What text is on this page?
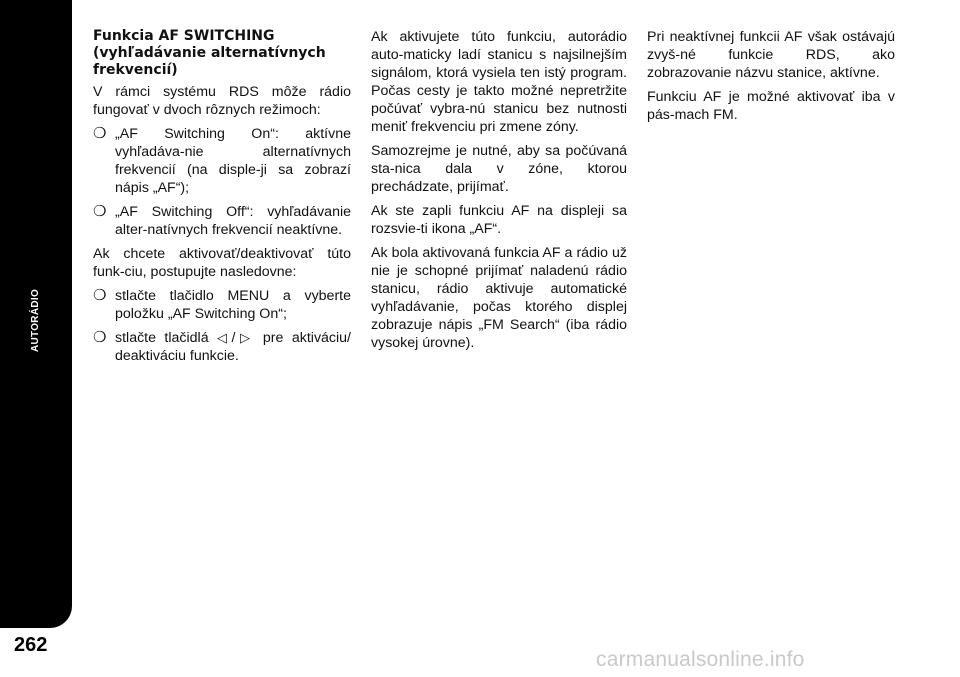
AUTORÁDIO
262
Funkcia AF SWITCHING (vyhľadávanie alternatívnych frekvencií)

V rámci systému RDS môže rádio fungovať v dvoch rôznych režimoch:

❍ „AF Switching On“: aktívne vyhľadáva-nie alternatívnych frekvencií (na disple-ji sa zobrazí nápis „AF“);
❍ „AF Switching Off“: vyhľadávanie alter-natívnych frekvencií neaktívne.

Ak chcete aktivovať/deaktivovať túto funk-ciu, postupujte nasledovne:

❍ stlačte tlačidlo MENU a vyberte položku „AF Switching On“;
❍ stlačte tlačidlá ◁/▷ pre aktiváciu/ deaktiváciu funkcie.

Ak aktivujete túto funkciu, autorádio auto-maticky ladí stanicu s najsilnejším signálom, ktorá vysiela ten istý program. Počas cesty je takto možné nepretržite počúvať vybra-nú stanicu bez nutnosti meniť frekvenciu pri zmene zóny.

Samozrejme je nutné, aby sa počúvaná sta-nica dala v zóne, ktorou prechádzate, prijímať.

Ak ste zapli funkciu AF na displeji sa rozsvie-ti ikona „AF“.

Ak bola aktivovaná funkcia AF a rádio už nie je schopné prijímať naladenú rádio stanicu, rádio aktivuje automatické vyhľadávanie, počas ktorého displej zobrazuje nápis „FM Search“ (iba rádio vysokej úrovne).

Pri neaktívnej funkcii AF však ostávajú zvyš-né funkcie RDS, ako zobrazovanie názvu stanice, aktívne.

Funkciu AF je možné aktivovať iba v pás-mach FM.

carmanualsonline.info
